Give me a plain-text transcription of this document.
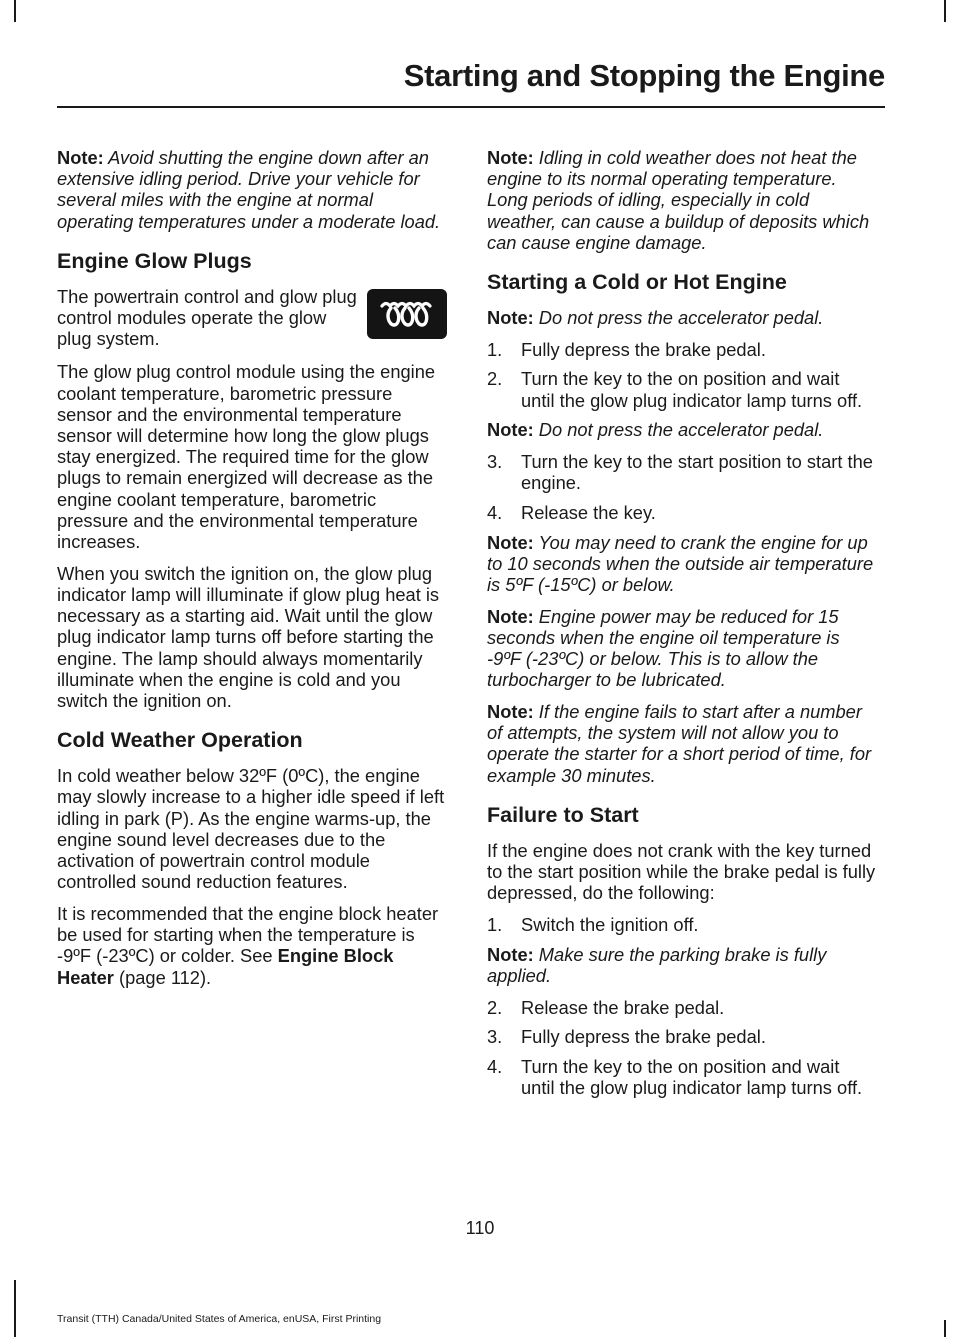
Starting and Stopping the Engine

Note: Avoid shutting the engine down after an extensive idling period. Drive your vehicle for several miles with the engine at normal operating temperatures under a moderate load.

Engine Glow Plugs

The powertrain control and glow plug control modules operate the glow plug system.

The glow plug control module using the engine coolant temperature, barometric pressure sensor and the environmental temperature sensor will determine how long the glow plugs stay energized. The required time for the glow plugs to remain energized will decrease as the engine coolant temperature, barometric pressure and the environmental temperature increases.

When you switch the ignition on, the glow plug indicator lamp will illuminate if glow plug heat is necessary as a starting aid. Wait until the glow plug indicator lamp turns off before starting the engine. The lamp should always momentarily illuminate when the engine is cold and you switch the ignition on.

Cold Weather Operation

In cold weather below 32ºF (0ºC), the engine may slowly increase to a higher idle speed if left idling in park (P). As the engine warms-up, the engine sound level decreases due to the activation of powertrain control module controlled sound reduction features.

It is recommended that the engine block heater be used for starting when the temperature is -9ºF (-23ºC) or colder. See Engine Block Heater (page 112).

Note: Idling in cold weather does not heat the engine to its normal operating temperature. Long periods of idling, especially in cold weather, can cause a buildup of deposits which can cause engine damage.

Starting a Cold or Hot Engine

Note: Do not press the accelerator pedal.

1.	Fully depress the brake pedal.
2.	Turn the key to the on position and wait until the glow plug indicator lamp turns off.

Note: Do not press the accelerator pedal.

3.	Turn the key to the start position to start the engine.
4.	Release the key.

Note: You may need to crank the engine for up to 10 seconds when the outside air temperature is 5ºF (-15ºC) or below.

Note: Engine power may be reduced for 15 seconds when the engine oil temperature is -9ºF (-23ºC) or below. This is to allow the turbocharger to be lubricated.

Note: If the engine fails to start after a number of attempts, the system will not allow you to operate the starter for a short period of time, for example 30 minutes.

Failure to Start

If the engine does not crank with the key turned to the start position while the brake pedal is fully depressed, do the following:

1.	Switch the ignition off.

Note: Make sure the parking brake is fully applied.

2.	Release the brake pedal.
3.	Fully depress the brake pedal.
4.	Turn the key to the on position and wait until the glow plug indicator lamp turns off.
110
Transit (TTH) Canada/United States of America, enUSA, First Printing
